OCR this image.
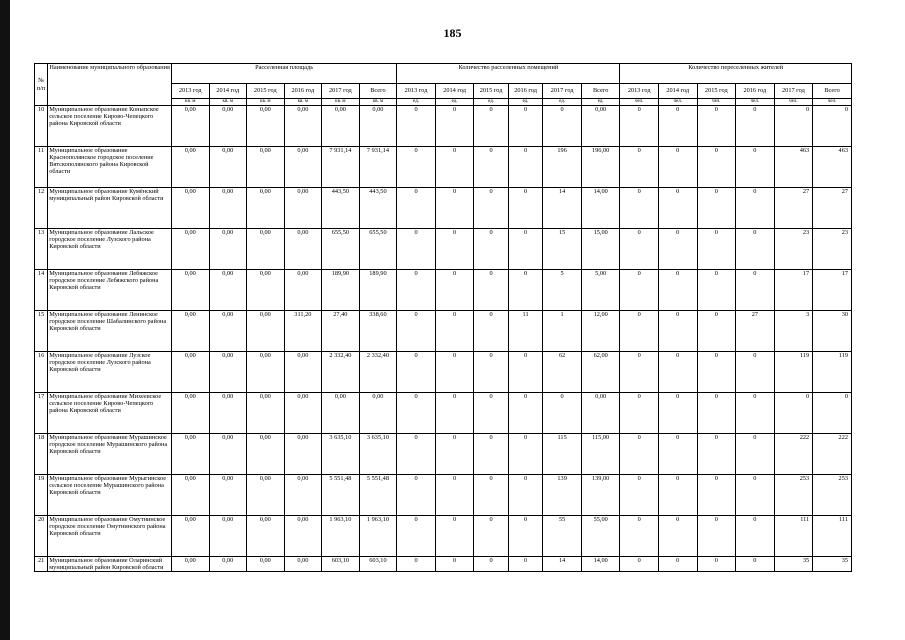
185
№ п/п	Наименование муниципального образования	Расселенная площадь						Количество расселенных помещений						Количество переселенных жителей					
		2013 год	2014 год	2015 год	2016 год	2017 год	Всего	2013 год	2014 год	2015 год	2016 год	2017 год	Всего	2013 год	2014 год	2015 год	2016 год	2017 год	Всего
		кв. м	кв. м	кв. м	кв. м	кв. м	кв. м	ед.	ед.	ед.	ед.	ед.	ед.	чел.	чел.	чел.	чел.	чел.	чел.
10	Муниципальное образование Коныпское сельское поселение Кирово-Чепецкого района Кировской области	0,00	0,00	0,00	0,00	0,00	0,00	0	0	0	0	0	0,00	0	0	0	0	0	0
11	Муниципальное образование Краснополянское городское поселение Вятскополянского района Кировской области	0,00	0,00	0,00	0,00	7 931,14	7 931,14	0	0	0	0	196	196,00	0	0	0	0	463	463
12	Муниципальное образование Кумёнский муниципальный район Кировской области	0,00	0,00	0,00	0,00	443,50	443,50	0	0	0	0	14	14,00	0	0	0	0	27	27
13	Муниципальное образование Лальское городское поселение Лузского района Кировской области	0,00	0,00	0,00	0,00	655,50	655,50	0	0	0	0	15	15,00	0	0	0	0	23	23
14	Муниципальное образование Лебяжское городское поселение Лебяжского района Кировской области	0,00	0,00	0,00	0,00	189,90	189,90	0	0	0	0	5	5,00	0	0	0	0	17	17
15	Муниципальное образование Ленинское городское поселение Шабалинского района Кировской области	0,00	0,00	0,00	311,20	27,40	338,60	0	0	0	11	1	12,00	0	0	0	27	3	30
16	Муниципальное образование Лузское городское поселение Лузского района Кировской области	0,00	0,00	0,00	0,00	2 332,40	2 332,40	0	0	0	0	62	62,00	0	0	0	0	119	119
17	Муниципальное образование Михеевское сельское поселение Кирово-Чепецкого района Кировской области	0,00	0,00	0,00	0,00	0,00	0,00	0	0	0	0	0	0,00	0	0	0	0	0	0
18	Муниципальное образование Мурашинское городское поселение Мурашинского района Кировской области	0,00	0,00	0,00	0,00	3 635,10	3 635,10	0	0	0	0	115	115,00	0	0	0	0	222	222
19	Муниципальное образование Мурыгинское сельское поселение Мурашинского района Кировской области	0,00	0,00	0,00	0,00	5 551,48	5 551,48	0	0	0	0	139	139,00	0	0	0	0	253	253
20	Муниципальное образование Омутнинское городское поселение Омутнинского района Кировской области	0,00	0,00	0,00	0,00	1 963,10	1 963,10	0	0	0	0	55	55,00	0	0	0	0	111	111
21	Муниципальное образование Оларинский муниципальный район Кировской области	0,00	0,00	0,00	0,00	603,10	603,10	0	0	0	0	14	14,00	0	0	0	0	35	35
